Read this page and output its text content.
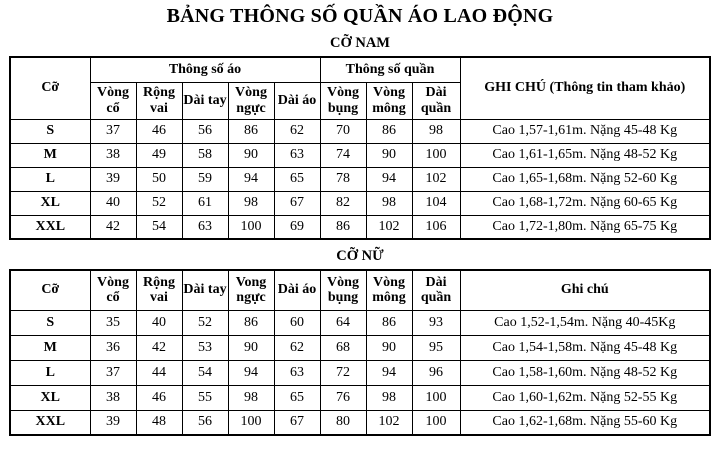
BẢNG THÔNG SỐ QUẦN ÁO LAO ĐỘNG
CỠ NAM
Cỡ	Thông số áo					Thông số quần			GHI CHÚ (Thông tin tham khảo)
	Vòng cổ	Rộng vai	Dài tay	Vòng ngực	Dài áo	Vòng bụng	Vòng mông	Dài quần	
S	37	46	56	86	62	70	86	98	Cao 1,57-1,61m. Nặng 45-48 Kg
M	38	49	58	90	63	74	90	100	Cao 1,61-1,65m. Nặng 48-52 Kg
L	39	50	59	94	65	78	94	102	Cao 1,65-1,68m. Nặng 52-60 Kg
XL	40	52	61	98	67	82	98	104	Cao 1,68-1,72m. Nặng 60-65 Kg
XXL	42	54	63	100	69	86	102	106	Cao 1,72-1,80m. Nặng 65-75 Kg
CỠ NỮ
Cỡ	Vòng cổ	Rộng vai	Dài tay	Vong ngực	Dài áo	Vòng bụng	Vòng mông	Dài quần	Ghi chú
S	35	40	52	86	60	64	86	93	Cao 1,52-1,54m. Nặng 40-45Kg
M	36	42	53	90	62	68	90	95	Cao 1,54-1,58m. Nặng 45-48 Kg
L	37	44	54	94	63	72	94	96	Cao 1,58-1,60m. Nặng 48-52 Kg
XL	38	46	55	98	65	76	98	100	Cao 1,60-1,62m. Nặng 52-55 Kg
XXL	39	48	56	100	67	80	102	100	Cao 1,62-1,68m. Nặng 55-60 Kg
